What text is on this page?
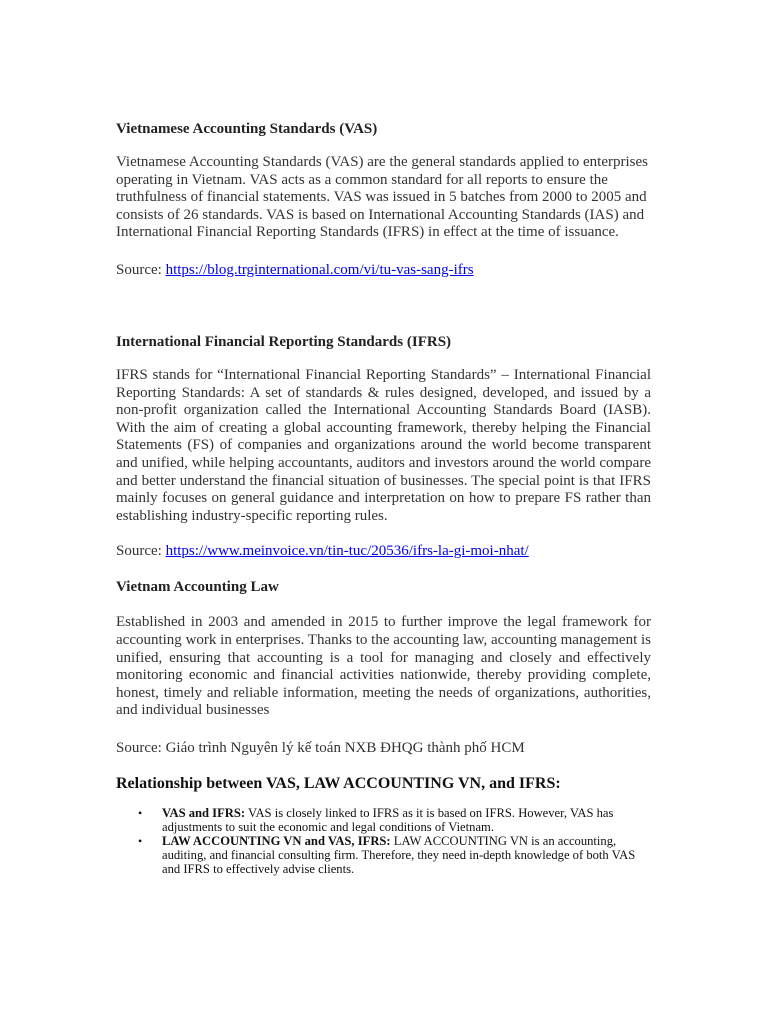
Vietnamese Accounting Standards (VAS)

Vietnamese Accounting Standards (VAS) are the general standards applied to enterprises operating in Vietnam. VAS acts as a common standard for all reports to ensure the truthfulness of financial statements. VAS was issued in 5 batches from 2000 to 2005 and consists of 26 standards. VAS is based on International Accounting Standards (IAS) and International Financial Reporting Standards (IFRS) in effect at the time of issuance.

Source: https://blog.trginternational.com/vi/tu-vas-sang-ifrs

International Financial Reporting Standards (IFRS)

IFRS stands for “International Financial Reporting Standards” – International Financial Reporting Standards: A set of standards & rules designed, developed, and issued by a non-profit organization called the International Accounting Standards Board (IASB). With the aim of creating a global accounting framework, thereby helping the Financial Statements (FS) of companies and organizations around the world become transparent and unified, while helping accountants, auditors and investors around the world compare and better understand the financial situation of businesses. The special point is that IFRS mainly focuses on general guidance and interpretation on how to prepare FS rather than establishing industry-specific reporting rules.

Source: https://www.meinvoice.vn/tin-tuc/20536/ifrs-la-gi-moi-nhat/

Vietnam Accounting Law

Established in 2003 and amended in 2015 to further improve the legal framework for accounting work in enterprises. Thanks to the accounting law, accounting management is unified, ensuring that accounting is a tool for managing and closely and effectively monitoring economic and financial activities nationwide, thereby providing complete, honest, timely and reliable information, meeting the needs of organizations, authorities, and individual businesses

Source: Giáo trình Nguyên lý kế toán NXB ĐHQG thành phố HCM

Relationship between VAS, LAW ACCOUNTING VN, and IFRS:

• VAS and IFRS: VAS is closely linked to IFRS as it is based on IFRS. However, VAS has adjustments to suit the economic and legal conditions of Vietnam.
• LAW ACCOUNTING VN and VAS, IFRS: LAW ACCOUNTING VN is an accounting, auditing, and financial consulting firm. Therefore, they need in-depth knowledge of both VAS and IFRS to effectively advise clients.
